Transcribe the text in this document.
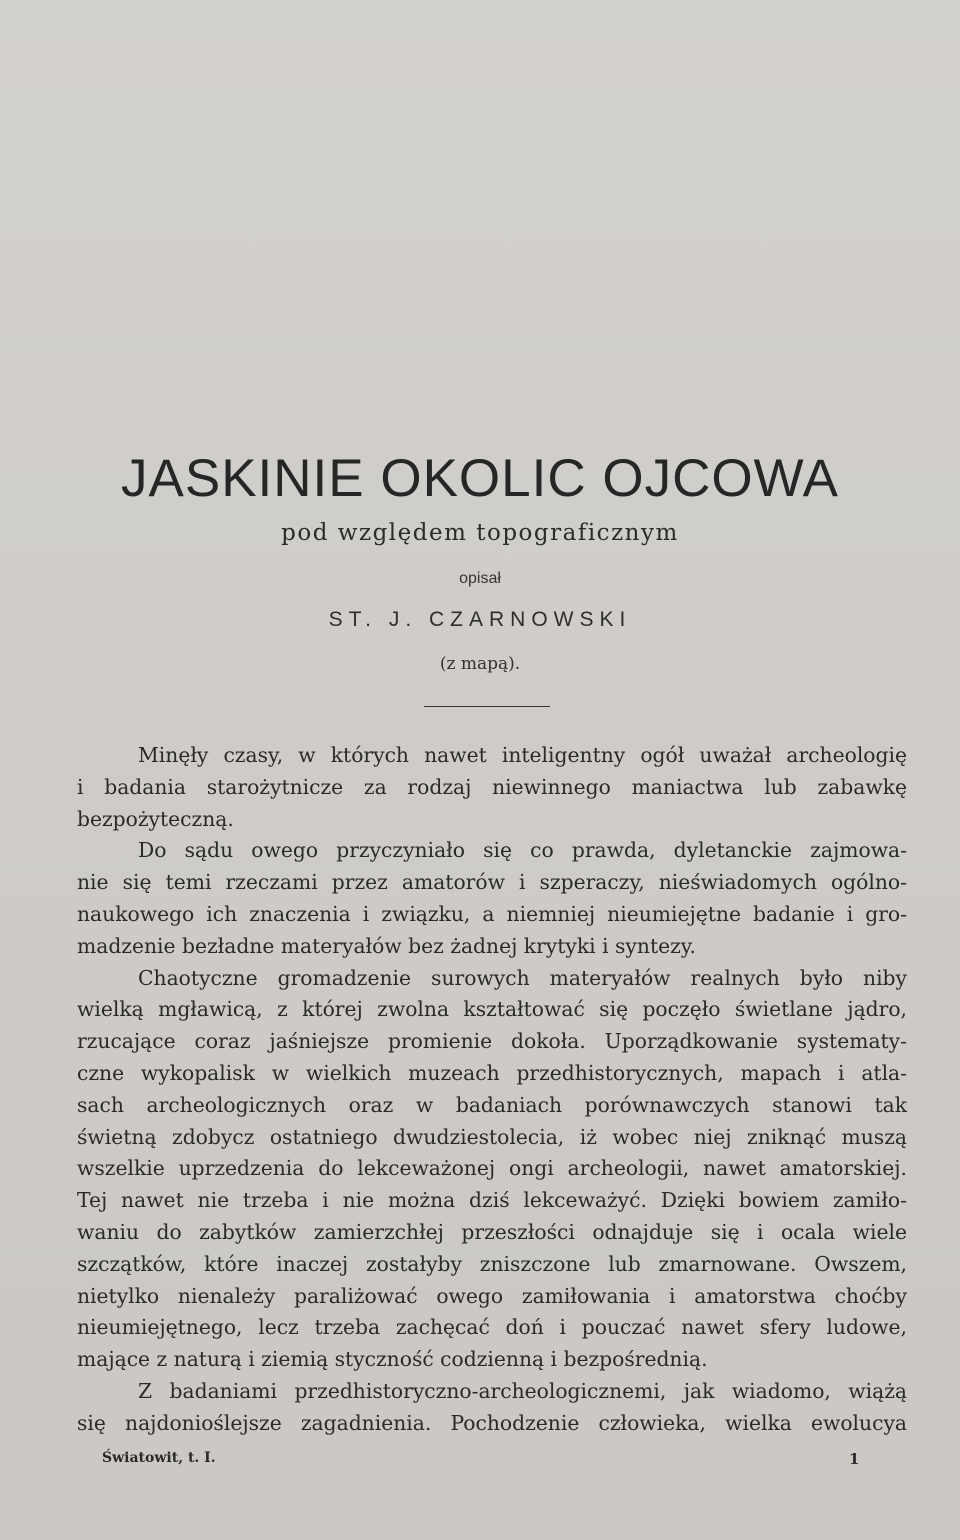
JASKINIE OKOLIC OJCOWA
pod względem topograficznym
opisał
ST. J. CZARNOWSKI
(z mapą).
Minęły czasy, w których nawet inteligentny ogół uważał archeologię
i badania starożytnicze za rodzaj niewinnego maniactwa lub zabawkę
bezpożyteczną.
Do sądu owego przyczyniało się co prawda, dyletanckie zajmowa-
nie się temi rzeczami przez amatorów i szperaczy, nieświadomych ogólno-
naukowego ich znaczenia i związku, a niemniej nieumiejętne badanie i gro-
madzenie bezładne materyałów bez żadnej krytyki i syntezy.
Chaotyczne gromadzenie surowych materyałów realnych było niby
wielką mgławicą, z której zwolna kształtować się poczęło świetlane jądro,
rzucające coraz jaśniejsze promienie dokoła. Uporządkowanie systematy-
czne wykopalisk w wielkich muzeach przedhistorycznych, mapach i atla-
sach archeologicznych oraz w badaniach porównawczych stanowi tak
świetną zdobycz ostatniego dwudziestolecia, iż wobec niej zniknąć muszą
wszelkie uprzedzenia do lekceważonej ongi archeologii, nawet amatorskiej.
Tej nawet nie trzeba i nie można dziś lekceważyć. Dzięki bowiem zamiło-
waniu do zabytków zamierzchłej przeszłości odnajduje się i ocala wiele
szczątków, które inaczej zostałyby zniszczone lub zmarnowane. Owszem,
nietylko nienależy paraliżować owego zamiłowania i amatorstwa choćby
nieumiejętnego, lecz trzeba zachęcać doń i pouczać nawet sfery ludowe,
mające z naturą i ziemią styczność codzienną i bezpośrednią.
Z badaniami przedhistoryczno-archeologicznemi, jak wiadomo, wiążą
się najdonioślejsze zagadnienia. Pochodzenie człowieka, wielka ewolucya
Światowit, t. I.	1
